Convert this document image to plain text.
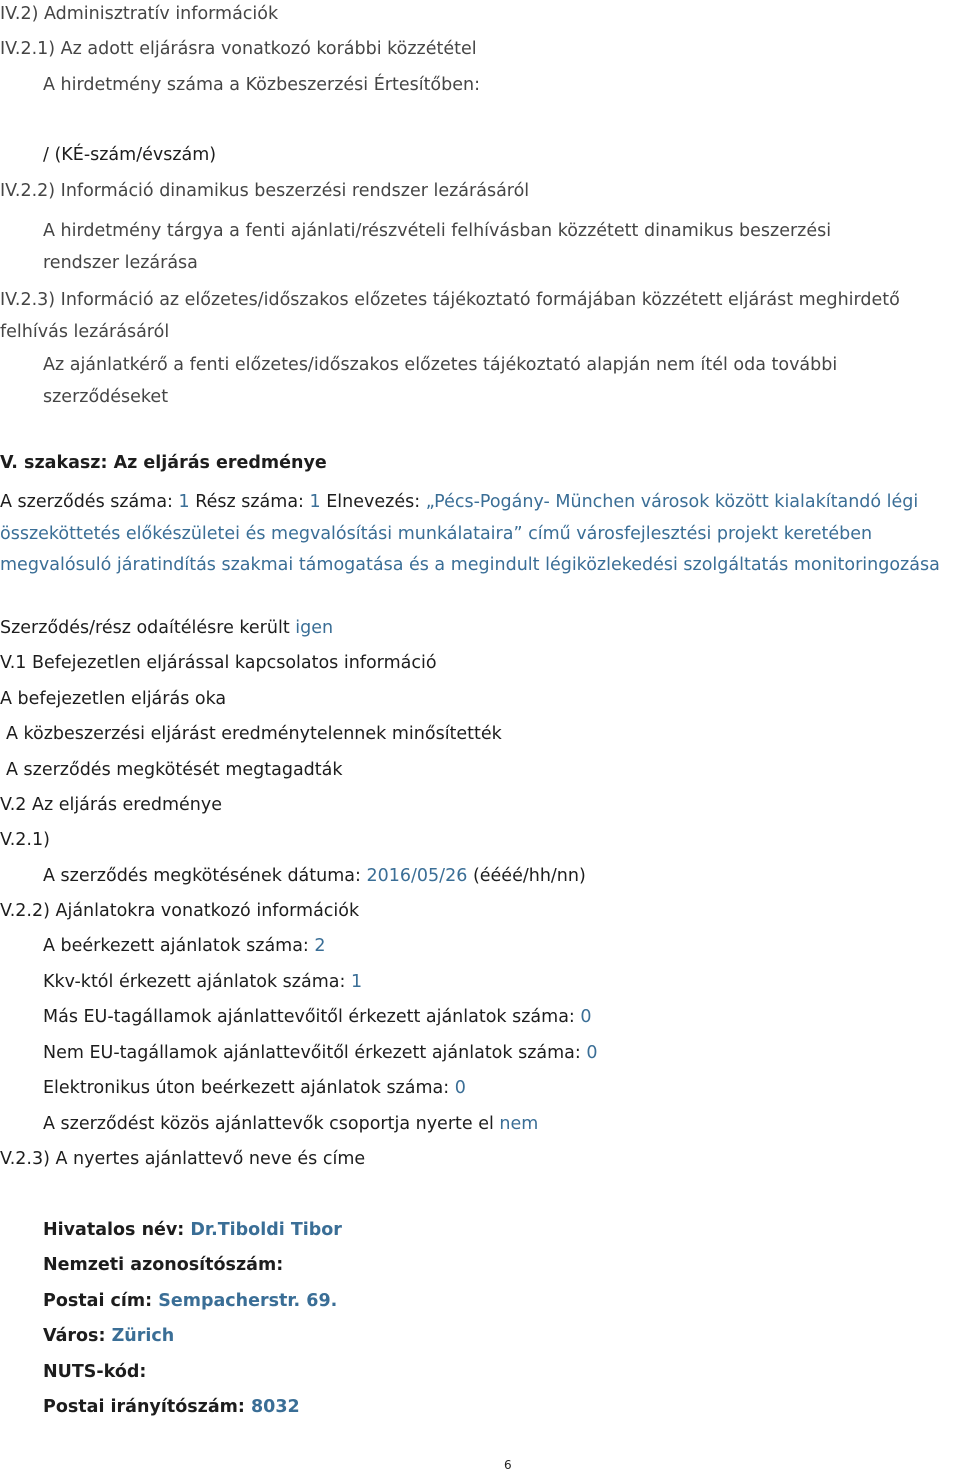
IV.2) Adminisztratív információk
IV.2.1) Az adott eljárásra vonatkozó korábbi közzététel
A hirdetmény száma a Közbeszerzési Értesítőben:
/ (KÉ-szám/évszám)
IV.2.2) Információ dinamikus beszerzési rendszer lezárásáról
A hirdetmény tárgya a fenti ajánlati/részvételi felhívásban közzétett dinamikus beszerzési rendszer lezárása
IV.2.3) Információ az előzetes/időszakos előzetes tájékoztató formájában közzétett eljárást meghirdető felhívás lezárásáról
Az ajánlatkérő a fenti előzetes/időszakos előzetes tájékoztató alapján nem ítél oda további szerződéseket
V. szakasz: Az eljárás eredménye
A szerződés száma: 1 Rész száma: 1 Elnevezés: „Pécs-Pogány- München városok között kialakítandó légi összeköttetés előkészületei és megvalósítási munkálataira” című városfejlesztési projekt keretében megvalósuló járatindítás szakmai támogatása és a megindult légiközlekedési szolgáltatás monitoringozása
Szerződés/rész odaítélésre került igen
V.1 Befejezetlen eljárással kapcsolatos információ
A befejezetlen eljárás oka
A közbeszerzési eljárást eredménytelennek minősítették
A szerződés megkötését megtagadták
V.2 Az eljárás eredménye
V.2.1)
A szerződés megkötésének dátuma: 2016/05/26 (éééé/hh/nn)
V.2.2) Ajánlatokra vonatkozó információk
A beérkezett ajánlatok száma: 2
Kkv-któl érkezett ajánlatok száma: 1
Más EU-tagállamok ajánlattevőitől érkezett ajánlatok száma: 0
Nem EU-tagállamok ajánlattevőitől érkezett ajánlatok száma: 0
Elektronikus úton beérkezett ajánlatok száma: 0
A szerződést közös ajánlattevők csoportja nyerte el nem
V.2.3) A nyertes ajánlattevő neve és címe
Hivatalos név: Dr.Tiboldi Tibor
Nemzeti azonosítószám:
Postai cím: Sempacherstr. 69.
Város: Zürich
NUTS-kód:
Postai irányítószám: 8032
6
